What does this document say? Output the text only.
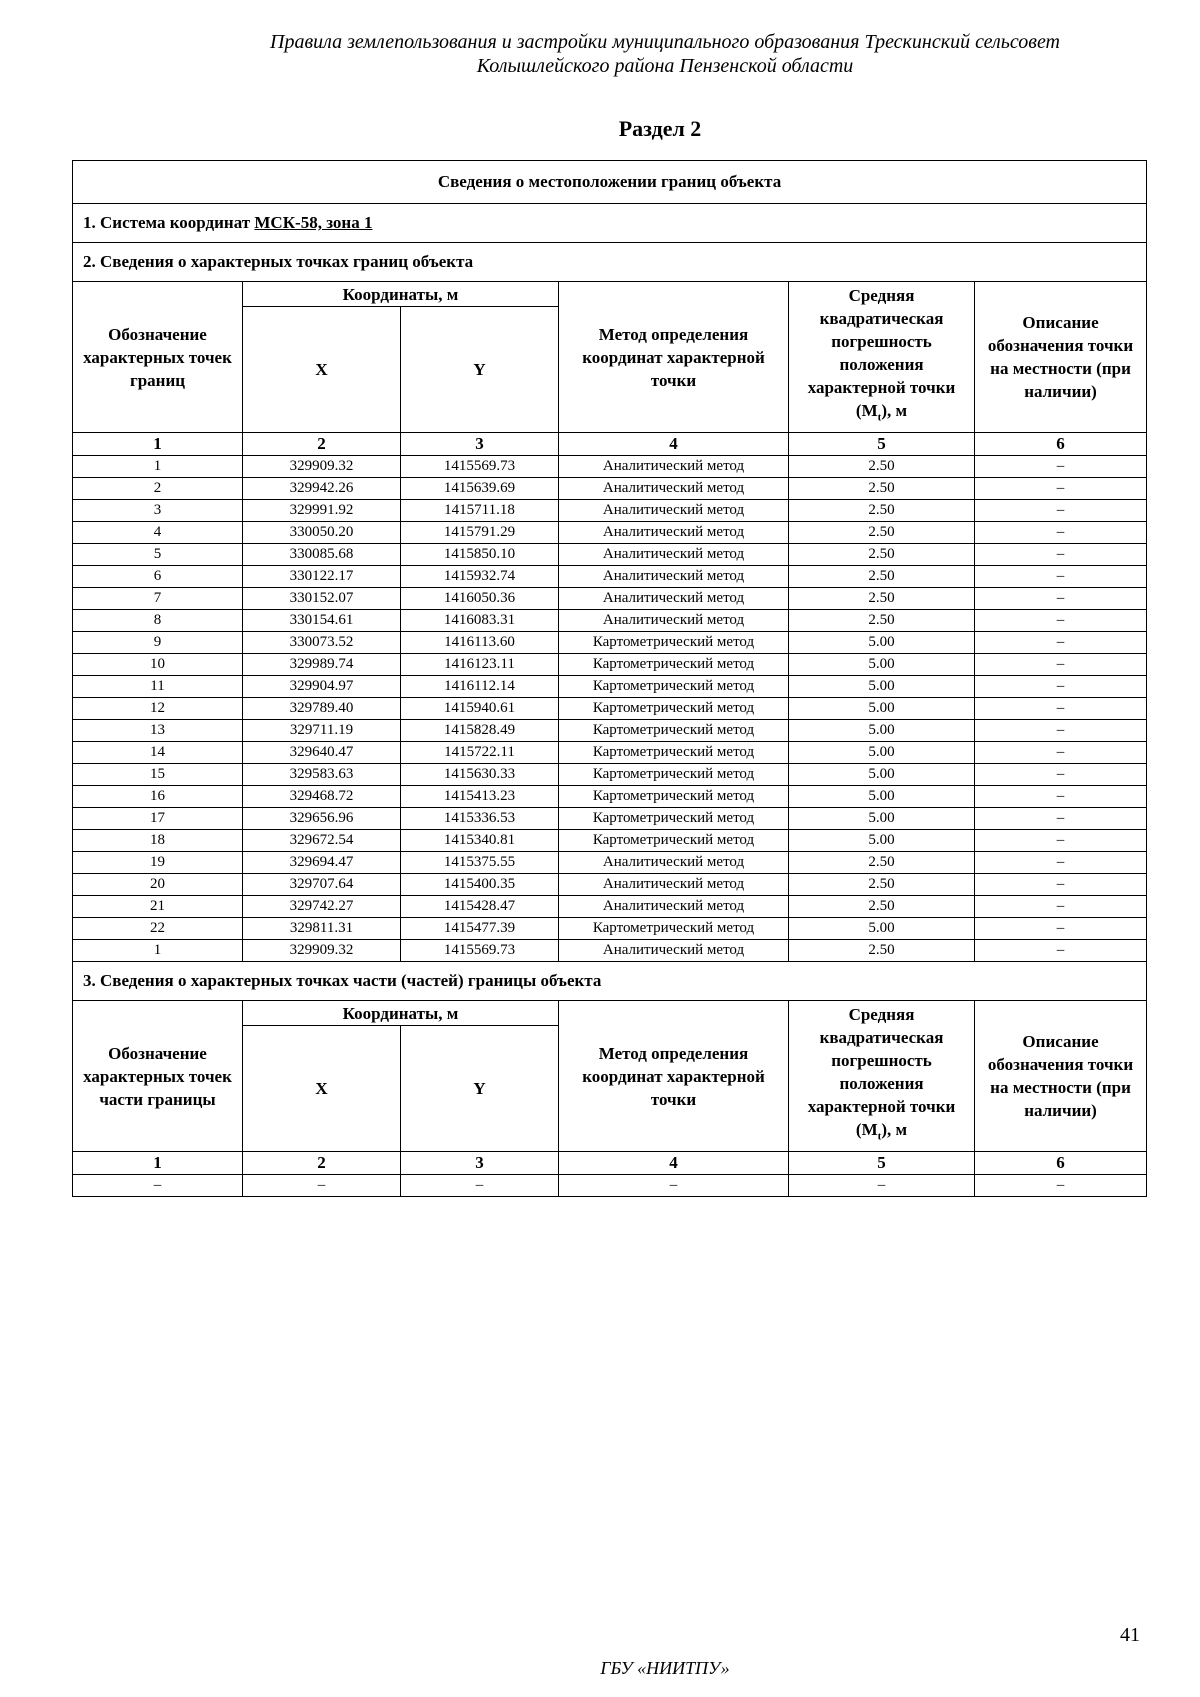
Правила землепользования и застройки муниципального образования Трескинский сельсовет
Колышлейского района Пензенской области
Раздел 2
Сведения о местоположении границ объекта					
1. Система координат МСК-58, зона 1					
2. Сведения о характерных точках границ объекта					
Обозначение характерных точек границ	Координаты, м		Метод определения координат характерной точки	Средняя квадратическая погрешность положения характерной точки $(M_t)$, м	Описание обозначения точки на местности (при наличии)
	X	Y			
1	2	3	4	5	6
1	329909.32	1415569.73	Аналитический метод	2.50	–
2	329942.26	1415639.69	Аналитический метод	2.50	–
3	329991.92	1415711.18	Аналитический метод	2.50	–
4	330050.20	1415791.29	Аналитический метод	2.50	–
5	330085.68	1415850.10	Аналитический метод	2.50	–
6	330122.17	1415932.74	Аналитический метод	2.50	–
7	330152.07	1416050.36	Аналитический метод	2.50	–
8	330154.61	1416083.31	Аналитический метод	2.50	–
9	330073.52	1416113.60	Картометрический метод	5.00	–
10	329989.74	1416123.11	Картометрический метод	5.00	–
11	329904.97	1416112.14	Картометрический метод	5.00	–
12	329789.40	1415940.61	Картометрический метод	5.00	–
13	329711.19	1415828.49	Картометрический метод	5.00	–
14	329640.47	1415722.11	Картометрический метод	5.00	–
15	329583.63	1415630.33	Картометрический метод	5.00	–
16	329468.72	1415413.23	Картометрический метод	5.00	–
17	329656.96	1415336.53	Картометрический метод	5.00	–
18	329672.54	1415340.81	Картометрический метод	5.00	–
19	329694.47	1415375.55	Аналитический метод	2.50	–
20	329707.64	1415400.35	Аналитический метод	2.50	–
21	329742.27	1415428.47	Аналитический метод	2.50	–
22	329811.31	1415477.39	Картометрический метод	5.00	–
1	329909.32	1415569.73	Аналитический метод	2.50	–
3. Сведения о характерных точках части (частей) границы объекта					
Обозначение характерных точек части границы	Координаты, м		Метод определения координат характерной точки	Средняя квадратическая погрешность положения характерной точки $(M_t)$, м	Описание обозначения точки на местности (при наличии)
	X	Y			
1	2	3	4	5	6
–	–	–	–	–	–
41
ГБУ «НИИТПУ»
